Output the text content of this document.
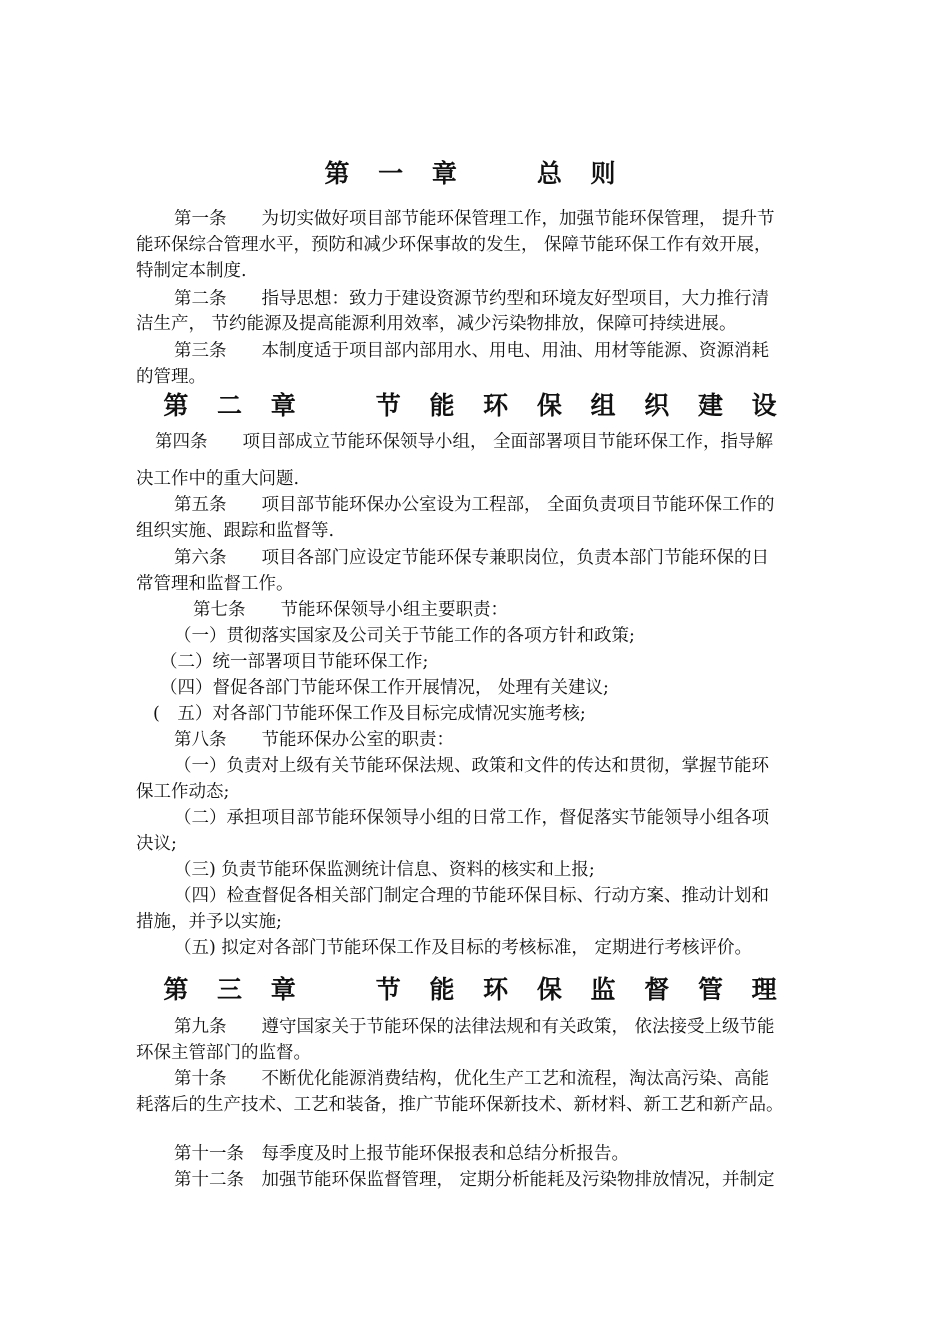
第 一 章　　总 则
第一条　　为切实做好项目部节能环保管理工作，加强节能环保管理， 提升节
能环保综合管理水平，预防和减少环保事故的发生， 保障节能环保工作有效开展，
特制定本制度.
第二条　　指导思想：致力于建设资源节约型和环境友好型项目，大力推行清
洁生产， 节约能源及提高能源利用效率，减少污染物排放，保障可持续进展。
第三条　　本制度适于项目部内部用水、用电、用油、用材等能源、资源消耗
的管理。
第 二 章　　节 能 环 保 组 织 建 设
第四条　　项目部成立节能环保领导小组， 全面部署项目节能环保工作，指导解
决工作中的重大问题.
第五条　　项目部节能环保办公室设为工程部， 全面负责项目节能环保工作的
组织实施、跟踪和监督等.
第六条　　项目各部门应设定节能环保专兼职岗位，负责本部门节能环保的日
常管理和监督工作。
第七条　　节能环保领导小组主要职责：
（一）贯彻落实国家及公司关于节能工作的各项方针和政策;
（二）统一部署项目节能环保工作;
（四）督促各部门节能环保工作开展情况， 处理有关建议;
(　五）对各部门节能环保工作及目标完成情况实施考核;
第八条　　节能环保办公室的职责：
（一）负责对上级有关节能环保法规、政策和文件的传达和贯彻，掌握节能环
保工作动态;
（二）承担项目部节能环保领导小组的日常工作，督促落实节能领导小组各项
决议;
（三) 负责节能环保监测统计信息、资料的核实和上报;
（四）检查督促各相关部门制定合理的节能环保目标、行动方案、推动计划和
措施，并予以实施;
（五) 拟定对各部门节能环保工作及目标的考核标准， 定期进行考核评价。
第 三 章　　节 能 环 保 监 督 管 理
第九条　　遵守国家关于节能环保的法律法规和有关政策， 依法接受上级节能
环保主管部门的监督。
第十条　　不断优化能源消费结构，优化生产工艺和流程，淘汰高污染、高能
耗落后的生产技术、工艺和装备，推广节能环保新技术、新材料、新工艺和新产品。
第十一条　每季度及时上报节能环保报表和总结分析报告。
第十二条　加强节能环保监督管理， 定期分析能耗及污染物排放情况，并制定
